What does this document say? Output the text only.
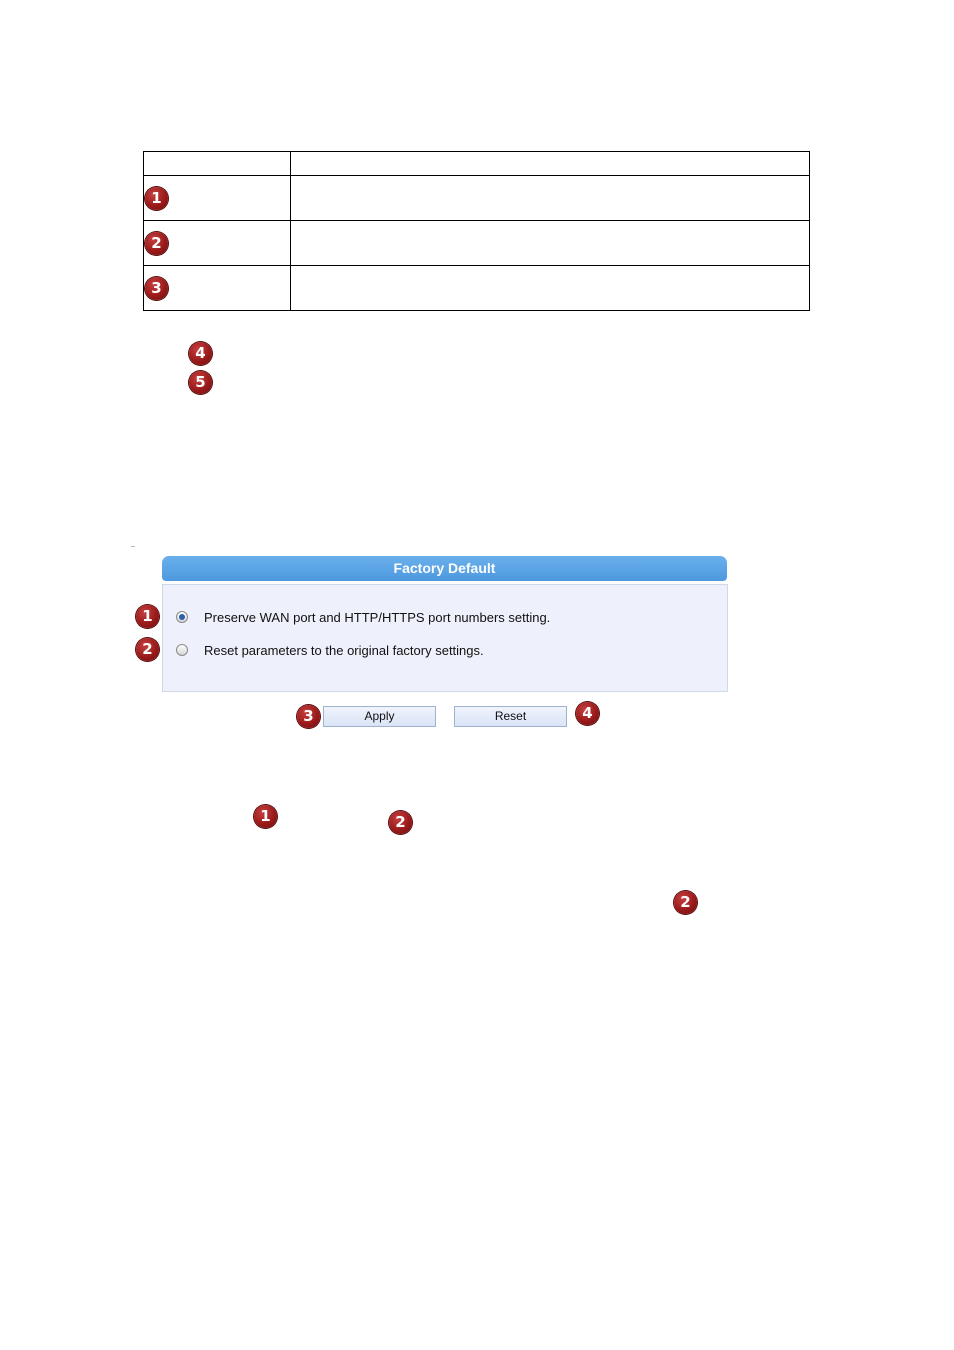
1
2
3
4
5
Factory Default
1	Preserve WAN port and HTTP/HTTPS port numbers setting.
2	Reset parameters to the original factory settings.
3	Apply	Reset	4
1	2
2
